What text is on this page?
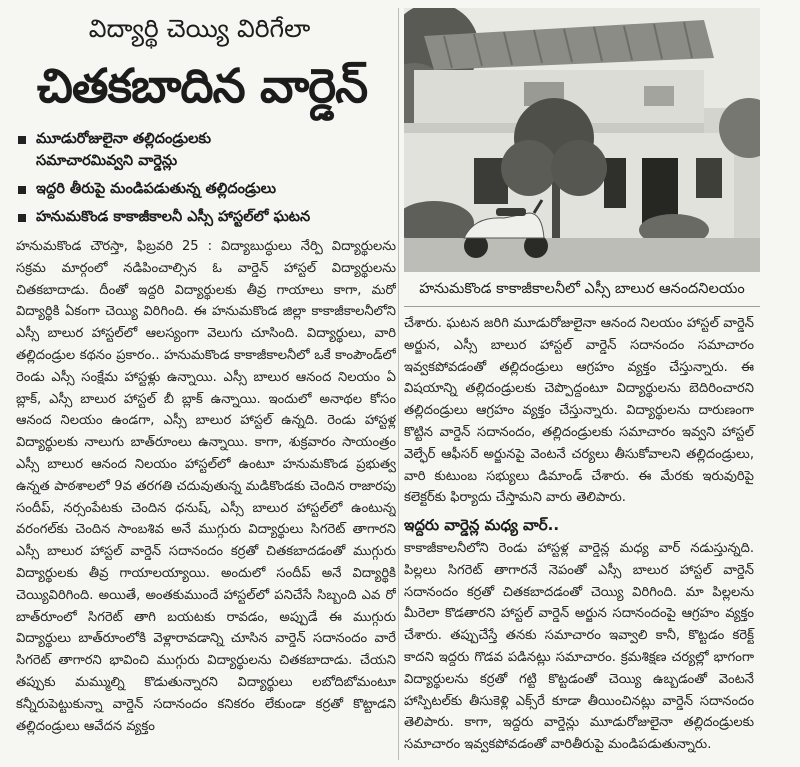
విద్యార్థి చెయ్యి విరిగేలా
చితకబాదిన వార్డెన్
మూడురోజులైనా తల్లిదండ్రులకు
సమాచారమివ్వని వార్డెన్లు
ఇద్దరి తీరుపై మండిపడుతున్న తల్లిదండ్రులు
హనుమకొండ కాకాజీకాలనీ ఎస్సీ హాస్టల్‌లో ఘటన

హనుమకొండ చౌరస్తా, ఫిబ్రవరి 25 : విద్యాబుద్ధులు నేర్పి విద్యార్థులను సక్రమ మార్గంలో నడిపించాల్సిన ఓ వార్డెన్ హాస్టల్ విద్యార్థులను చితకబాదాడు. దీంతో ఇద్దరి విద్యార్థులకు తీవ్ర గాయాలు కాగా, మరో విద్యార్థికి ఏకంగా చెయ్యి విరిగింది. ఈ హనుమకొండ జిల్లా కాకాజీకాలనీలోని ఎస్సీ బాలుర హాస్టల్‌లో ఆలస్యంగా వెలుగు చూసింది. విద్యార్థులు, వారి తల్లిదండ్రుల కథనం ప్రకారం.. హనుమకొండ కాకాజీకాలనీలో ఒకే కాంపౌండ్‌లో రెండు ఎస్సీ సంక్షేమ హాస్టళ్లు ఉన్నాయి. ఎస్సీ బాలుర ఆనంద నిలయం ఏ బ్లాక్, ఎస్సీ బాలుర హాస్టల్ బీ బ్లాక్ ఉన్నాయి. ఇందులో అనాథల కోసం ఆనంద నిలయం ఉండగా, ఎస్సీ బాలుర హాస్టల్ ఉన్నది. రెండు హాస్టళ్ల విద్యార్థులకు నాలుగు బాత్‌రూంలు ఉన్నాయి. కాగా, శుక్రవారం సాయంత్రం ఎస్సీ బాలుర ఆనంద నిలయం హాస్టల్‌లో ఉంటూ హనుమకొండ ప్రభుత్వ ఉన్నత పాఠశాలలో 9వ తరగతి చదువుతున్న మడికొండకు చెందిన రాజారపు సందీప్, నర్సంపేటకు చెందిన ధనుష్, ఎస్సీ బాలుర హాస్టల్‌లో ఉంటున్న వరంగల్‌కు చెందిన సాంబశివ అనే ముగ్గురు విద్యార్థులు సిగరెట్ తాగారని ఎస్సీ బాలుర హాస్టల్ వార్డెన్ సదానందం కర్రతో చితకబాదడంతో ముగ్గురు విద్యార్థులకు తీవ్ర గాయాలయ్యాయి. అందులో సందీప్ అనే విద్యార్థికి చెయ్యివిరిగింది. అయితే, అంతకుముందే హాస్టల్‌లో పనిచేసే సిబ్బంది ఎవ రో బాత్‌రూంలో సిగరెట్ తాగి బయటకు రావడం, అప్పుడే ఈ ముగ్గురు విద్యార్థులు బాత్‌రూంలోకి వెళ్లారావడాన్ని చూసిన వార్డెన్ సదానందం వారే సిగరెట్ తాగారని భావించి ముగ్గురు విద్యార్థులను చితకబాదాడు. చేయని తప్పుకు మమ్ముల్ని కొడుతున్నారని విద్యార్థులు లబోదిబోమంటూ కన్నీరుపెట్టుకున్నా వార్డెన్ సదానందం కనికరం లేకుండా కర్రతో కొట్టాడని తల్లిదండ్రులు ఆవేదన వ్యక్తం

హనుమకొండ కాకాజీకాలనీలో ఎస్సీ బాలుర ఆనందనిలయం

చేశారు. ఘటన జరిగి మూడురోజులైనా ఆనంద నిలయం హాస్టల్ వార్డెన్ అర్జున, ఎస్సీ బాలుర హాస్టల్ వార్డెన్ సదానందం సమాచారం ఇవ్వకపోవడంతో తల్లిదండ్రులు ఆగ్రహం వ్యక్తం చేస్తున్నారు. ఈ విషయాన్ని తల్లిదండ్రులకు చెప్పొద్దంటూ విద్యార్థులను బెదిరించారని తల్లిదండ్రులు ఆగ్రహం వ్యక్తం చేస్తున్నారు. విద్యార్థులను దారుణంగా కొట్టిన వార్డెన్ సదానందం, తల్లిదండ్రులకు సమాచారం ఇవ్వని హాస్టల్ వెల్ఫేర్ ఆఫీసర్ అర్జునపై వెంటనే చర్యలు తీసుకోవాలని తల్లిదండ్రులు, వారి కుటుంబ సభ్యులు డిమాండ్ చేశారు. ఈ మేరకు ఇరువురిపై కలెక్టర్‌కు ఫిర్యాదు చేస్తామని వారు తెలిపారు.

ఇద్దరు వార్డెన్ల మధ్య వార్..

కాకాజీకాలనీలోని రెండు హాస్టళ్ల వార్డెన్ల మధ్య వార్ నడుస్తున్నది. పిల్లలు సిగరెట్ తాగారనే నెపంతో ఎస్సీ బాలుర హాస్టల్ వార్డెన్ సదానందం కర్రతో చితకబాదడంతో చెయ్యి విరిగింది. మా పిల్లలను మీరెలా కొడతారని హాస్టల్ వార్డెన్ అర్జున సదానందంపై ఆగ్రహం వ్యక్తం చేశారు. తప్పుచేస్తే తనకు సమాచారం ఇవ్వాలి కానీ, కొట్టడం కరెక్ట్ కాదని ఇద్దరు గొడవ పడినట్లు సమాచారం. క్రమశిక్షణ చర్యల్లో భాగంగా విద్యార్థులను కర్రతో గట్టి కొట్టడంతో చెయ్యి ఉబ్బడంతో వెంటనే హాస్పిటల్‌కు తీసుకెళ్లి ఎక్స్‌రే కూడా తీయించినట్లు వార్డెన్ సదానందం తెలిపారు. కాగా, ఇద్దరు వార్డెన్లు మూడురోజులైనా తల్లిదండ్రులకు సమాచారం ఇవ్వకపోవడంతో వారితీరుపై మండిపడుతున్నారు.
